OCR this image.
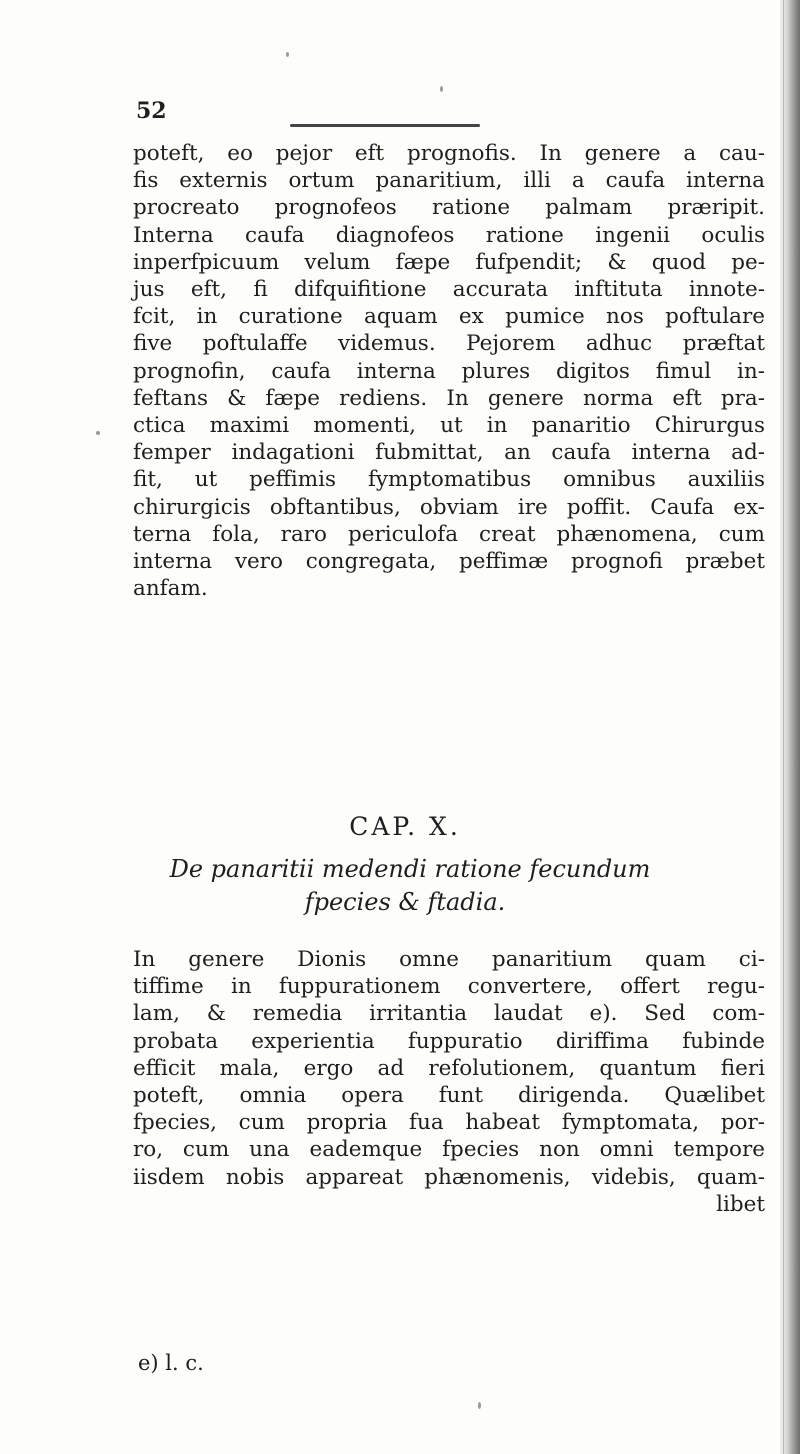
52
poteft, eo pejor eft prognofis. In genere a cau-
fis externis ortum panaritium, illi a caufa interna
procreato prognofeos ratione palmam præripit.
Interna caufa diagnofeos ratione ingenii oculis
inperfpicuum velum fæpe fufpendit; & quod pe-
jus eft, fi difquifitione accurata inftituta innote-
fcit, in curatione aquam ex pumice nos poftulare
five poftulaffe videmus. Pejorem adhuc præftat
prognofin, caufa interna plures digitos fimul in-
feftans & fæpe rediens. In genere norma eft pra-
ctica maximi momenti, ut in panaritio Chirurgus
femper indagationi fubmittat, an caufa interna ad-
fit, ut peffimis fymptomatibus omnibus auxiliis
chirurgicis obftantibus, obviam ire poffit. Caufa ex-
terna fola, raro periculofa creat phænomena, cum
interna vero congregata, peffimæ prognofi præbet
anfam.
CAP. X.
De panaritii medendi ratione fecundum
fpecies & ftadia.
In genere Dionis omne panaritium quam ci-
tiffime in fuppurationem convertere, offert regu-
lam, & remedia irritantia laudat e). Sed com-
probata experientia fuppuratio diriffima fubinde
efficit mala, ergo ad refolutionem, quantum fieri
poteft, omnia opera funt dirigenda. Quælibet
fpecies, cum propria fua habeat fymptomata, por-
ro, cum una eademque fpecies non omni tempore
iisdem nobis appareat phænomenis, videbis, quam-
libet
e) l. c.
